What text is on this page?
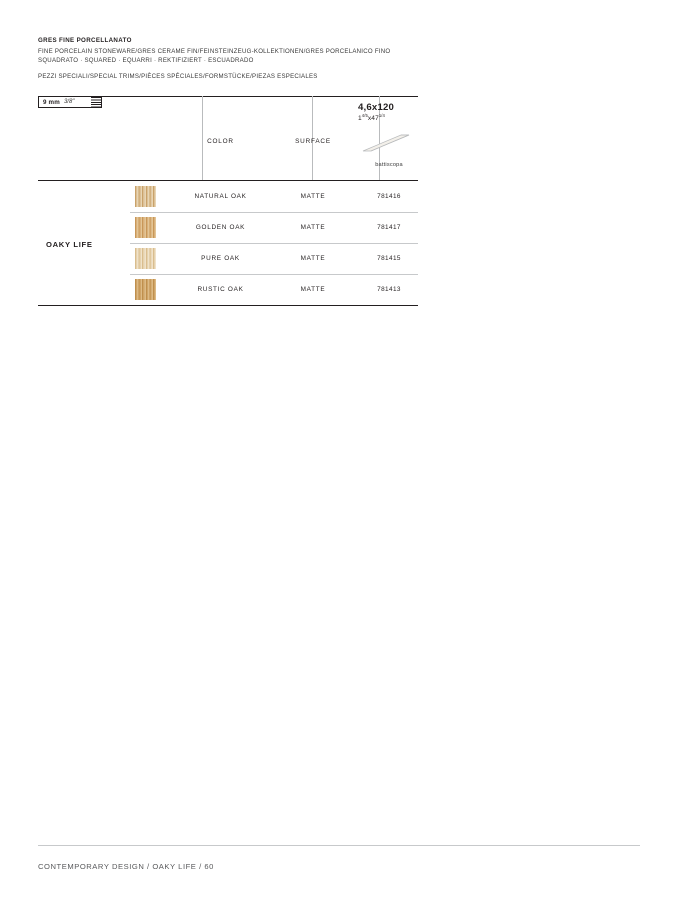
GRES FINE PORCELLANATO
FINE PORCELAIN STONEWARE/GRES CERAME FIN/FEINSTEINZEUG-KOLLEKTIONEN/GRES PORCELANICO FINO
SQUADRATO · SQUARED · EQUARRI · REKTIFIZIERT · ESCUADRADO
PEZZI SPECIALI/SPECIAL TRIMS/PIÈCES SPÉCIALES/FORMSTÜCKE/PIEZAS ESPECIALES
COLOR	SURFACE
4,6x120
$1^{4/5}x47^{1/4}$
battiscopa
NATURAL OAK	MATTE	781416
GOLDEN OAK	MATTE	781417
PURE OAK	MATTE	781415
RUSTIC OAK	MATTE	781413
9 mm 3/8"
OAKY LIFE
CONTEMPORARY DESIGN / OAKY LIFE / 60
